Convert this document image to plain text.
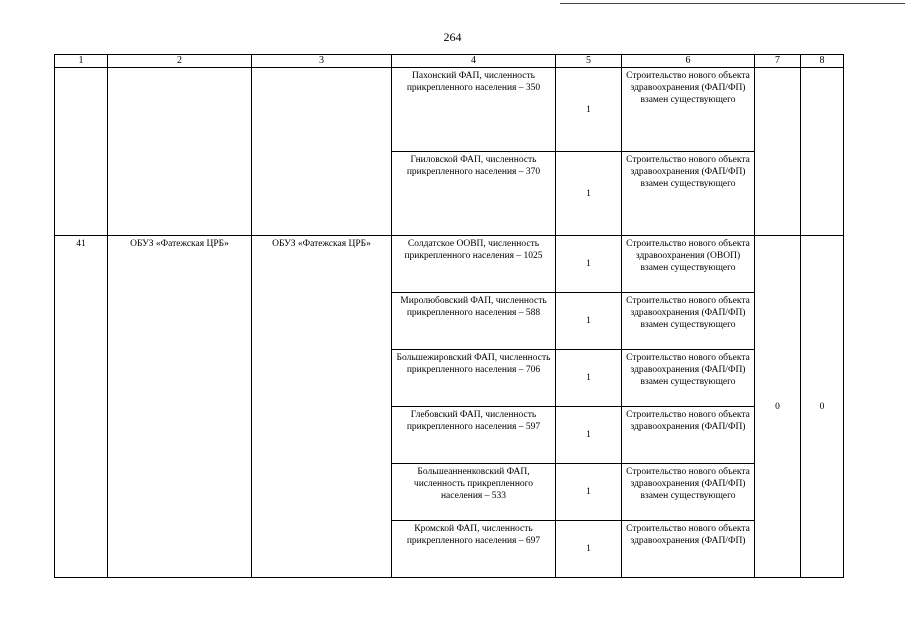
264
1	2	3	4	5	6	7	8
			Пахонский ФАП, численность прикрепленного населения – 350	1	Строительство нового объекта здравоохранения (ФАП/ФП) взамен существующего		
			Гниловской ФАП, численность прикрепленного населения – 370	1	Строительство нового объекта здравоохранения (ФАП/ФП) взамен существующего		
41	ОБУЗ «Фатежская ЦРБ»	ОБУЗ «Фатежская ЦРБ»	Солдатское ООВП, численность прикрепленного населения – 1025	1	Строительство нового объекта здравоохранения (ОВОП) взамен существующего	0	0
			Миролюбовский ФАП, численность прикрепленного населения – 588	1	Строительство нового объекта здравоохранения (ФАП/ФП) взамен существующего		
			Большежировский ФАП, численность прикрепленного населения – 706	1	Строительство нового объекта здравоохранения (ФАП/ФП) взамен существующего		
			Глебовский ФАП, численность прикрепленного населения – 597	1	Строительство нового объекта здравоохранения (ФАП/ФП)		
			Большеанненковский ФАП, численность прикрепленного населения – 533	1	Строительство нового объекта здравоохранения (ФАП/ФП) взамен существующего		
			Кромской ФАП, численность прикрепленного населения – 697	1	Строительство нового объекта здравоохранения (ФАП/ФП)		
